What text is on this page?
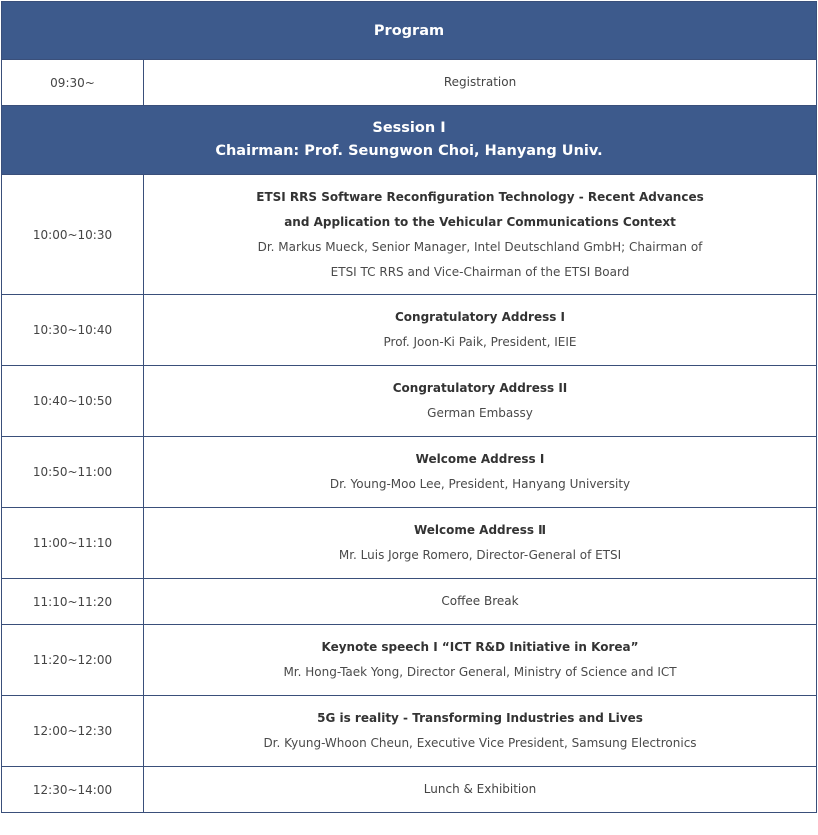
Program	
09:30~	Registration

Session Ⅰ
Chairman: Prof. Seungwon Choi, Hanyang Univ.	

10:00~10:30	ETSI RRS Software Reconfiguration Technology - Recent Advances
and Application to the Vehicular Communications Context
Dr. Markus Mueck, Senior Manager, Intel Deutschland GmbH; Chairman of
ETSI TC RRS and Vice-Chairman of the ETSI Board

10:30~10:40	Congratulatory Address I
Prof. Joon-Ki Paik, President, IEIE

10:40~10:50	Congratulatory Address II
German Embassy

10:50~11:00	Welcome Address Ⅰ
Dr. Young-Moo Lee, President, Hanyang University

11:00~11:10	Welcome Address Ⅱ
Mr. Luis Jorge Romero, Director-General of ETSI

11:10~11:20	Coffee Break
11:20~12:00	Keynote speech Ⅰ “ICT R&D Initiative in Korea”
Mr. Hong-Taek Yong, Director General, Ministry of Science and ICT

12:00~12:30	5G is reality - Transforming Industries and Lives
Dr. Kyung-Whoon Cheun, Executive Vice President, Samsung Electronics

12:30~14:00	Lunch & Exhibition
